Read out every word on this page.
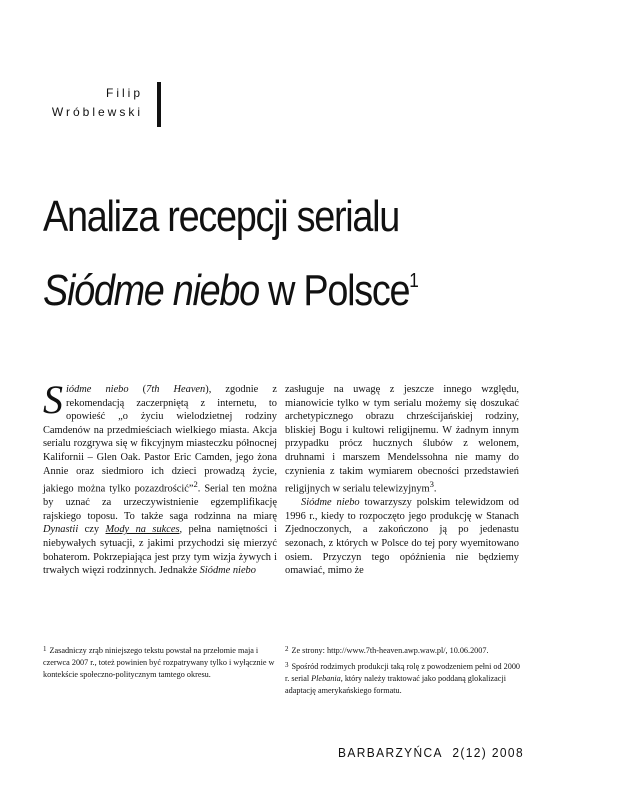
Filip
Wróblewski
Analiza recepcji serialu
Siódme niebo w Polsce$^1$

Siódme niebo (7th Heaven), zgodnie z rekomendacją zaczerpniętą z internetu, to opowieść „o życiu wielodzietnej rodziny Camdenów na przedmieściach wielkiego miasta. Akcja serialu rozgrywa się w fikcyjnym miasteczku północnej Kalifornii – Glen Oak. Pastor Eric Camden, jego żona Annie oraz siedmioro ich dzieci prowadzą życie, jakiego można tylko pozazdrościć”$^2$. Serial ten można by uznać za urzeczywistnienie egzemplifikację rajskiego toposu. To także saga rodzinna na miarę Dynastii czy Mody na sukces, pełna namiętności i niebywałych sytuacji, z jakimi przychodzi się mierzyć bohaterom. Pokrzepiająca jest przy tym wizja żywych i trwałych więzi rodzinnych. Jednakże Siódme niebo

zasługuje na uwagę z jeszcze innego względu, mianowicie tylko w tym serialu możemy się doszukać archetypicznego obrazu chrześcijańskiej rodziny, bliskiej Bogu i kultowi religijnemu. W żadnym innym przypadku prócz hucznych ślubów z welonem, druhnami i marszem Mendelssohna nie mamy do czynienia z takim wymiarem obecności przedstawień religijnych w serialu telewizyjnym$^3$.

Siódme niebo towarzyszy polskim telewidzom od 1996 r., kiedy to rozpoczęto jego produkcję w Stanach Zjednoczonych, a zakończono ją po jedenastu sezonach, z których w Polsce do tej pory wyemitowano osiem. Przyczyn tego opóźnienia nie będziemy omawiać, mimo że

1 Zasadniczy zrąb niniejszego tekstu powstał na przełomie maja i czerwca 2007 r., toteż powinien być rozpatrywany tylko i wyłącznie w kontekście społeczno-politycznym tamtego okresu.

2 Ze strony: http://www.7th-heaven.awp.waw.pl/, 10.06.2007.

3 Spośród rodzimych produkcji taką rolę z powodzeniem pełni od 2000 r. serial Plebania, który należy traktować jako poddaną glokalizacji adaptację amerykańskiego formatu.

BARBARZYŃCA 2(12) 2008
